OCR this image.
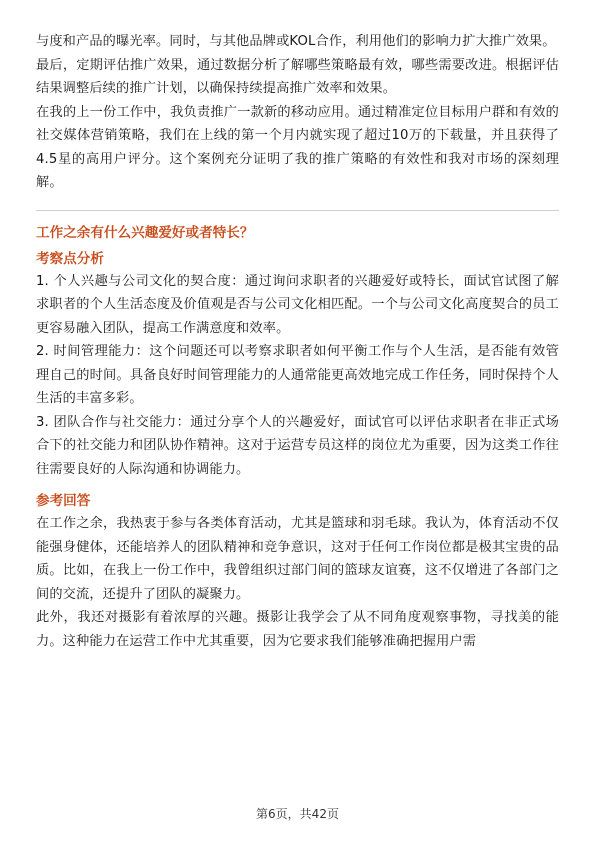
与度和产品的曝光率。同时，与其他品牌或KOL合作，利用他们的影响力扩大推广效果。

最后，定期评估推广效果，通过数据分析了解哪些策略最有效，哪些需要改进。根据评估结果调整后续的推广计划，以确保持续提高推广效率和效果。

在我的上一份工作中，我负责推广一款新的移动应用。通过精准定位目标用户群和有效的社交媒体营销策略，我们在上线的第一个月内就实现了超过10万的下载量，并且获得了4.5星的高用户评分。这个案例充分证明了我的推广策略的有效性和我对市场的深刻理解。

工作之余有什么兴趣爱好或者特长？

考察点分析

1. 个人兴趣与公司文化的契合度：通过询问求职者的兴趣爱好或特长，面试官试图了解求职者的个人生活态度及价值观是否与公司文化相匹配。一个与公司文化高度契合的员工更容易融入团队，提高工作满意度和效率。

2. 时间管理能力：这个问题还可以考察求职者如何平衡工作与个人生活，是否能有效管理自己的时间。具备良好时间管理能力的人通常能更高效地完成工作任务，同时保持个人生活的丰富多彩。

3. 团队合作与社交能力：通过分享个人的兴趣爱好，面试官可以评估求职者在非正式场合下的社交能力和团队协作精神。这对于运营专员这样的岗位尤为重要，因为这类工作往往需要良好的人际沟通和协调能力。

参考回答

在工作之余，我热衷于参与各类体育活动，尤其是篮球和羽毛球。我认为，体育活动不仅能强身健体，还能培养人的团队精神和竞争意识，这对于任何工作岗位都是极其宝贵的品质。比如，在我上一份工作中，我曾组织过部门间的篮球友谊赛，这不仅增进了各部门之间的交流，还提升了团队的凝聚力。

此外，我还对摄影有着浓厚的兴趣。摄影让我学会了从不同角度观察事物，寻找美的能力。这种能力在运营工作中尤其重要，因为它要求我们能够准确把握用户需

第6页，共42页
